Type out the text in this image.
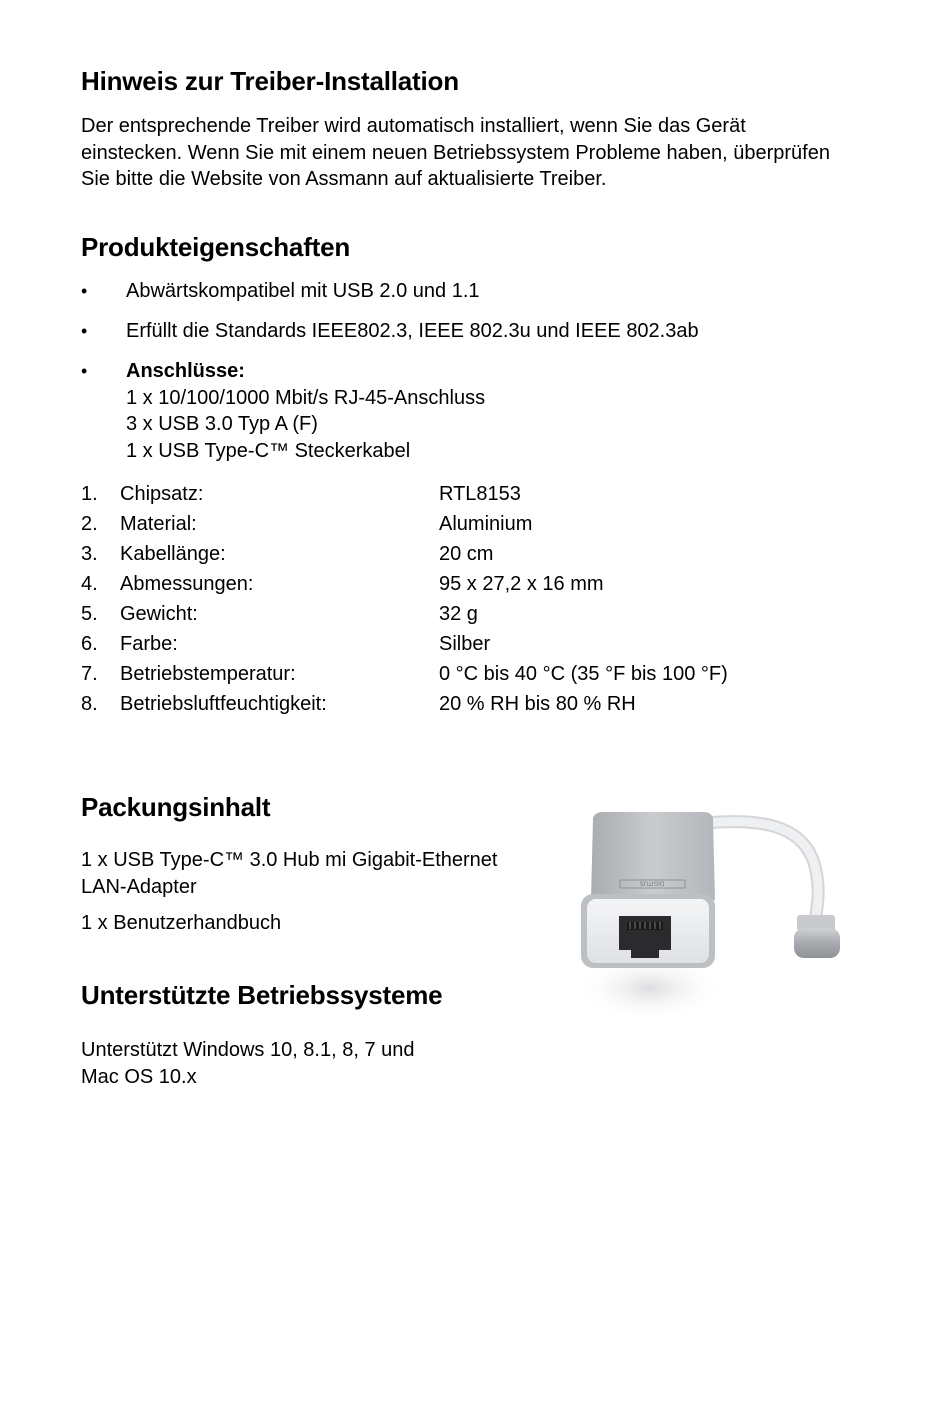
Hinweis zur Treiber-Installation
Der entsprechende Treiber wird automatisch installiert, wenn Sie das Gerät
einstecken. Wenn Sie mit einem neuen Betriebssystem Probleme haben, überprüfen
Sie bitte die Website von Assmann auf aktualisierte Treiber.
Produkteigenschaften
•	Abwärtskompatibel mit USB 2.0 und 1.1
•	Erfüllt die Standards IEEE802.3, IEEE 802.3u und IEEE 802.3ab
•	Anschlüsse:
1 x 10/100/1000 Mbit/s RJ-45-Anschluss
3 x USB 3.0 Typ A (F)
1 x USB Type-C™ Steckerkabel
1. Chipsatz:	RTL8153
2. Material:	Aluminium
3. Kabellänge:	20 cm
4. Abmessungen:	95 x 27,2 x 16 mm
5. Gewicht:	32 g
6. Farbe:	Silber
7. Betriebstemperatur:	0 °C bis 40 °C (35 °F bis 100 °F)
8. Betriebsluftfeuchtigkeit:	20 % RH bis 80 % RH
Packungsinhalt
1 x USB Type-C™ 3.0 Hub mi Gigabit-Ethernet
LAN-Adapter
1 x Benutzerhandbuch
Unterstützte Betriebssysteme
Unterstützt Windows 10, 8.1, 8, 7 und
Mac OS 10.x
DIGITUS
